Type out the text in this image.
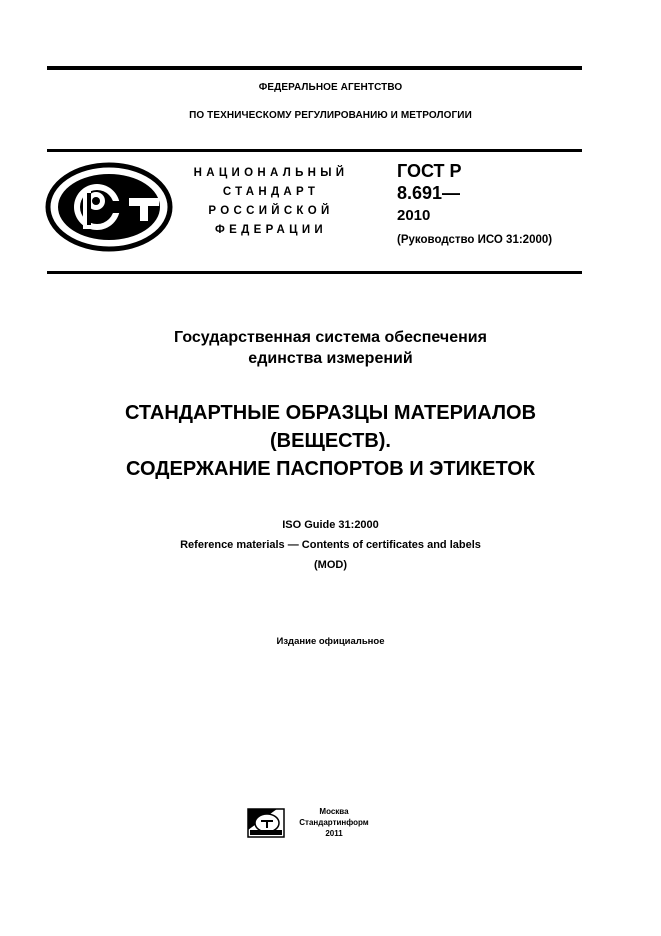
ФЕДЕРАЛЬНОЕ АГЕНТСТВО
ПО ТЕХНИЧЕСКОМУ РЕГУЛИРОВАНИЮ И МЕТРОЛОГИИ
НАЦИОНАЛЬНЫЙ
СТАНДАРТ
РОССИЙСКОЙ
ФЕДЕРАЦИИ
ГОСТ Р
8.691—
2010
(Руководство ИСО 31:2000)
Государственная система обеспечения
единства измерений
СТАНДАРТНЫЕ ОБРАЗЦЫ МАТЕРИАЛОВ
(ВЕЩЕСТВ).
СОДЕРЖАНИЕ ПАСПОРТОВ И ЭТИКЕТОК
ISO Guide 31:2000
Reference materials — Contents of certificates and labels
(MOD)
Издание официальное
Москва
Стандартинформ
2011
